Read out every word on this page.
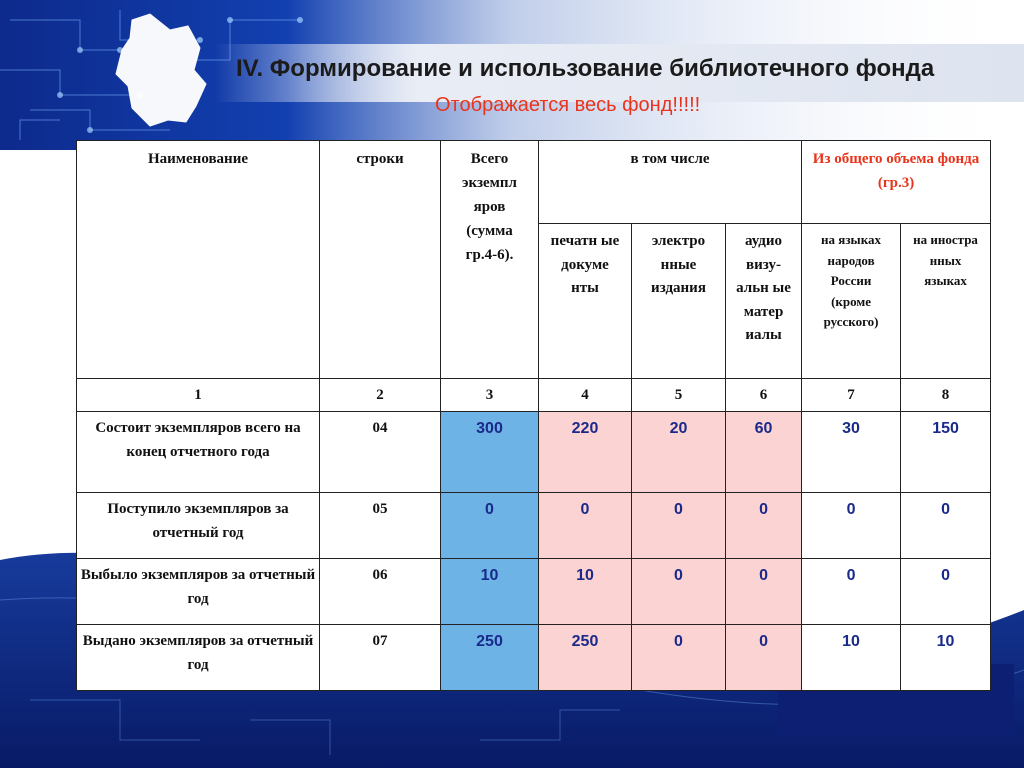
IV. Формирование и использование библиотечного фонда
Отображается весь фонд!!!!!
Наименование	строки	Всего экземпл яров (сумма гр.4-6).	в том числе			Из общего объема фонда (гр.3)	

			печатн ые докуме нты	электро нные издания	аудио визу- альн ые матер иалы	на языках народов России (кроме русского)	на иностра нных языках

1	2	3	4	5	6	7	8

Состоит экземпляров всего на конец отчетного года	04	300	220	20	60	30	150

Поступило экземпляров за отчетный год	05	0	0	0	0	0	0

Выбыло экземпляров за отчетный год	06	10	10	0	0	0	0

Выдано экземпляров за отчетный год	07	250	250	0	0	10	10
